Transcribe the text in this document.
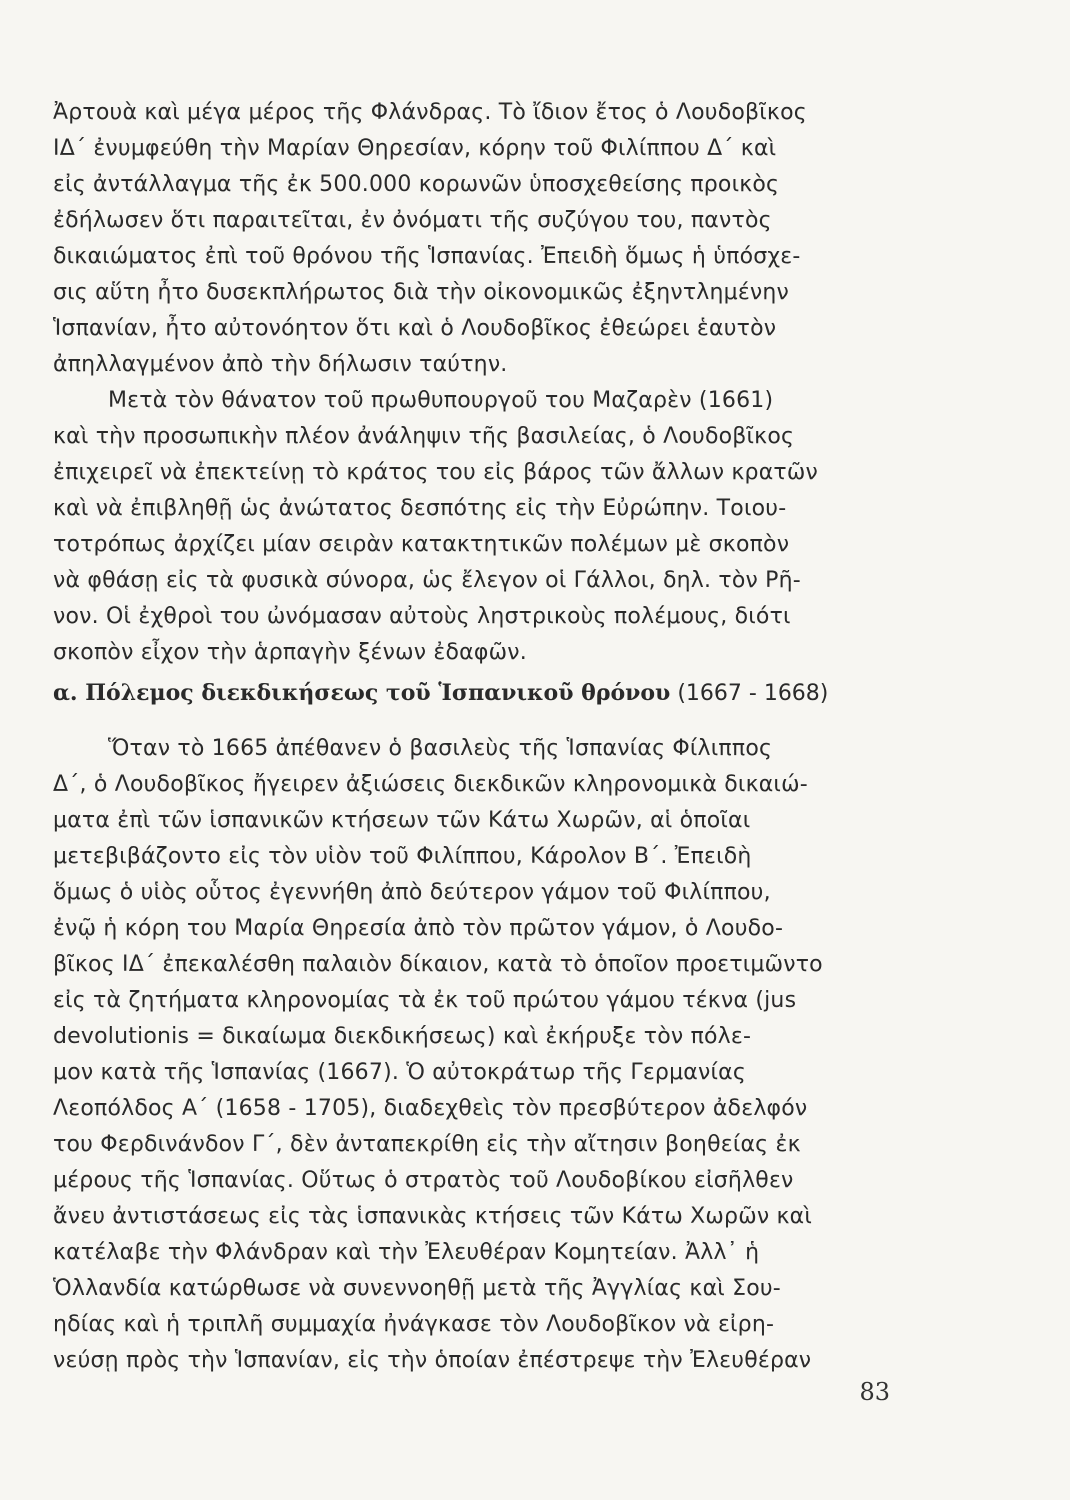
Ἀρτουὰ καὶ μέγα μέρος τῆς Φλάνδρας. Τὸ ἴδιον ἔτος ὁ Λουδοβῖκος
ΙΔ΄ ἐνυμφεύθη τὴν Μαρίαν Θηρεσίαν, κόρην τοῦ Φιλίππου Δ΄ καὶ
εἰς ἀντάλλαγμα τῆς ἐκ 500.000 κορωνῶν ὑποσχεθείσης προικὸς
ἐδήλωσεν ὅτι παραιτεῖται, ἐν ὀνόματι τῆς συζύγου του, παντὸς
δικαιώματος ἐπὶ τοῦ θρόνου τῆς Ἱσπανίας. Ἐπειδὴ ὅμως ἡ ὑπόσχε-
σις αὕτη ἦτο δυσεκπλήρωτος διὰ τὴν οἰκονομικῶς ἐξηντλημένην
Ἱσπανίαν, ἦτο αὐτονόητον ὅτι καὶ ὁ Λουδοβῖκος ἐθεώρει ἑαυτὸν
ἀπηλλαγμένον ἀπὸ τὴν δήλωσιν ταύτην.
Μετὰ τὸν θάνατον τοῦ πρωθυπουργοῦ του Μαζαρὲν (1661)
καὶ τὴν προσωπικὴν πλέον ἀνάληψιν τῆς βασιλείας, ὁ Λουδοβῖκος
ἐπιχειρεῖ νὰ ἐπεκτείνῃ τὸ κράτος του εἰς βάρος τῶν ἄλλων κρατῶν
καὶ νὰ ἐπιβληθῇ ὡς ἀνώτατος δεσπότης εἰς τὴν Εὐρώπην. Τοιου-
τοτρόπως ἀρχίζει μίαν σειρὰν κατακτητικῶν πολέμων μὲ σκοπὸν
νὰ φθάσῃ εἰς τὰ φυσικὰ σύνορα, ὡς ἔλεγον οἱ Γάλλοι, δηλ. τὸν Ρῆ-
νον. Οἱ ἐχθροὶ του ὠνόμασαν αὐτοὺς ληστρικοὺς πολέμους, διότι
σκοπὸν εἶχον τὴν ἁρπαγὴν ξένων ἐδαφῶν.
α. Πόλεμος διεκδικήσεως τοῦ Ἱσπανικοῦ θρόνου (1667 - 1668)
Ὅταν τὸ 1665 ἀπέθανεν ὁ βασιλεὺς τῆς Ἱσπανίας Φίλιππος
Δ΄, ὁ Λουδοβῖκος ἤγειρεν ἀξιώσεις διεκδικῶν κληρονομικὰ δικαιώ-
ματα ἐπὶ τῶν ἱσπανικῶν κτήσεων τῶν Κάτω Χωρῶν, αἱ ὁποῖαι
μετεβιβάζοντο εἰς τὸν υἱὸν τοῦ Φιλίππου, Κάρολον Β΄. Ἐπειδὴ
ὅμως ὁ υἱὸς οὗτος ἐγεννήθη ἀπὸ δεύτερον γάμον τοῦ Φιλίππου,
ἐνῷ ἡ κόρη του Μαρία Θηρεσία ἀπὸ τὸν πρῶτον γάμον, ὁ Λουδο-
βῖκος ΙΔ΄ ἐπεκαλέσθη παλαιὸν δίκαιον, κατὰ τὸ ὁποῖον προετιμῶντο
εἰς τὰ ζητήματα κληρονομίας τὰ ἐκ τοῦ πρώτου γάμου τέκνα (jus
devolutionis = δικαίωμα διεκδικήσεως) καὶ ἐκήρυξε τὸν πόλε-
μον κατὰ τῆς Ἱσπανίας (1667). Ὁ αὐτοκράτωρ τῆς Γερμανίας
Λεοπόλδος Α΄ (1658 - 1705), διαδεχθεὶς τὸν πρεσβύτερον ἀδελφόν
του Φερδινάνδον Γ΄, δὲν ἀνταπεκρίθη εἰς τὴν αἴτησιν βοηθείας ἐκ
μέρους τῆς Ἱσπανίας. Οὕτως ὁ στρατὸς τοῦ Λουδοβίκου εἰσῆλθεν
ἄνευ ἀντιστάσεως εἰς τὰς ἱσπανικὰς κτήσεις τῶν Κάτω Χωρῶν καὶ
κατέλαβε τὴν Φλάνδραν καὶ τὴν Ἐλευθέραν Κομητείαν. Ἀλλ᾿ ἡ
Ὁλλανδία κατώρθωσε νὰ συνεννοηθῇ μετὰ τῆς Ἀγγλίας καὶ Σου-
ηδίας καὶ ἡ τριπλῆ συμμαχία ἠνάγκασε τὸν Λουδοβῖκον νὰ εἰρη-
νεύσῃ πρὸς τὴν Ἱσπανίαν, εἰς τὴν ὁποίαν ἐπέστρεψε τὴν Ἐλευθέραν
83
